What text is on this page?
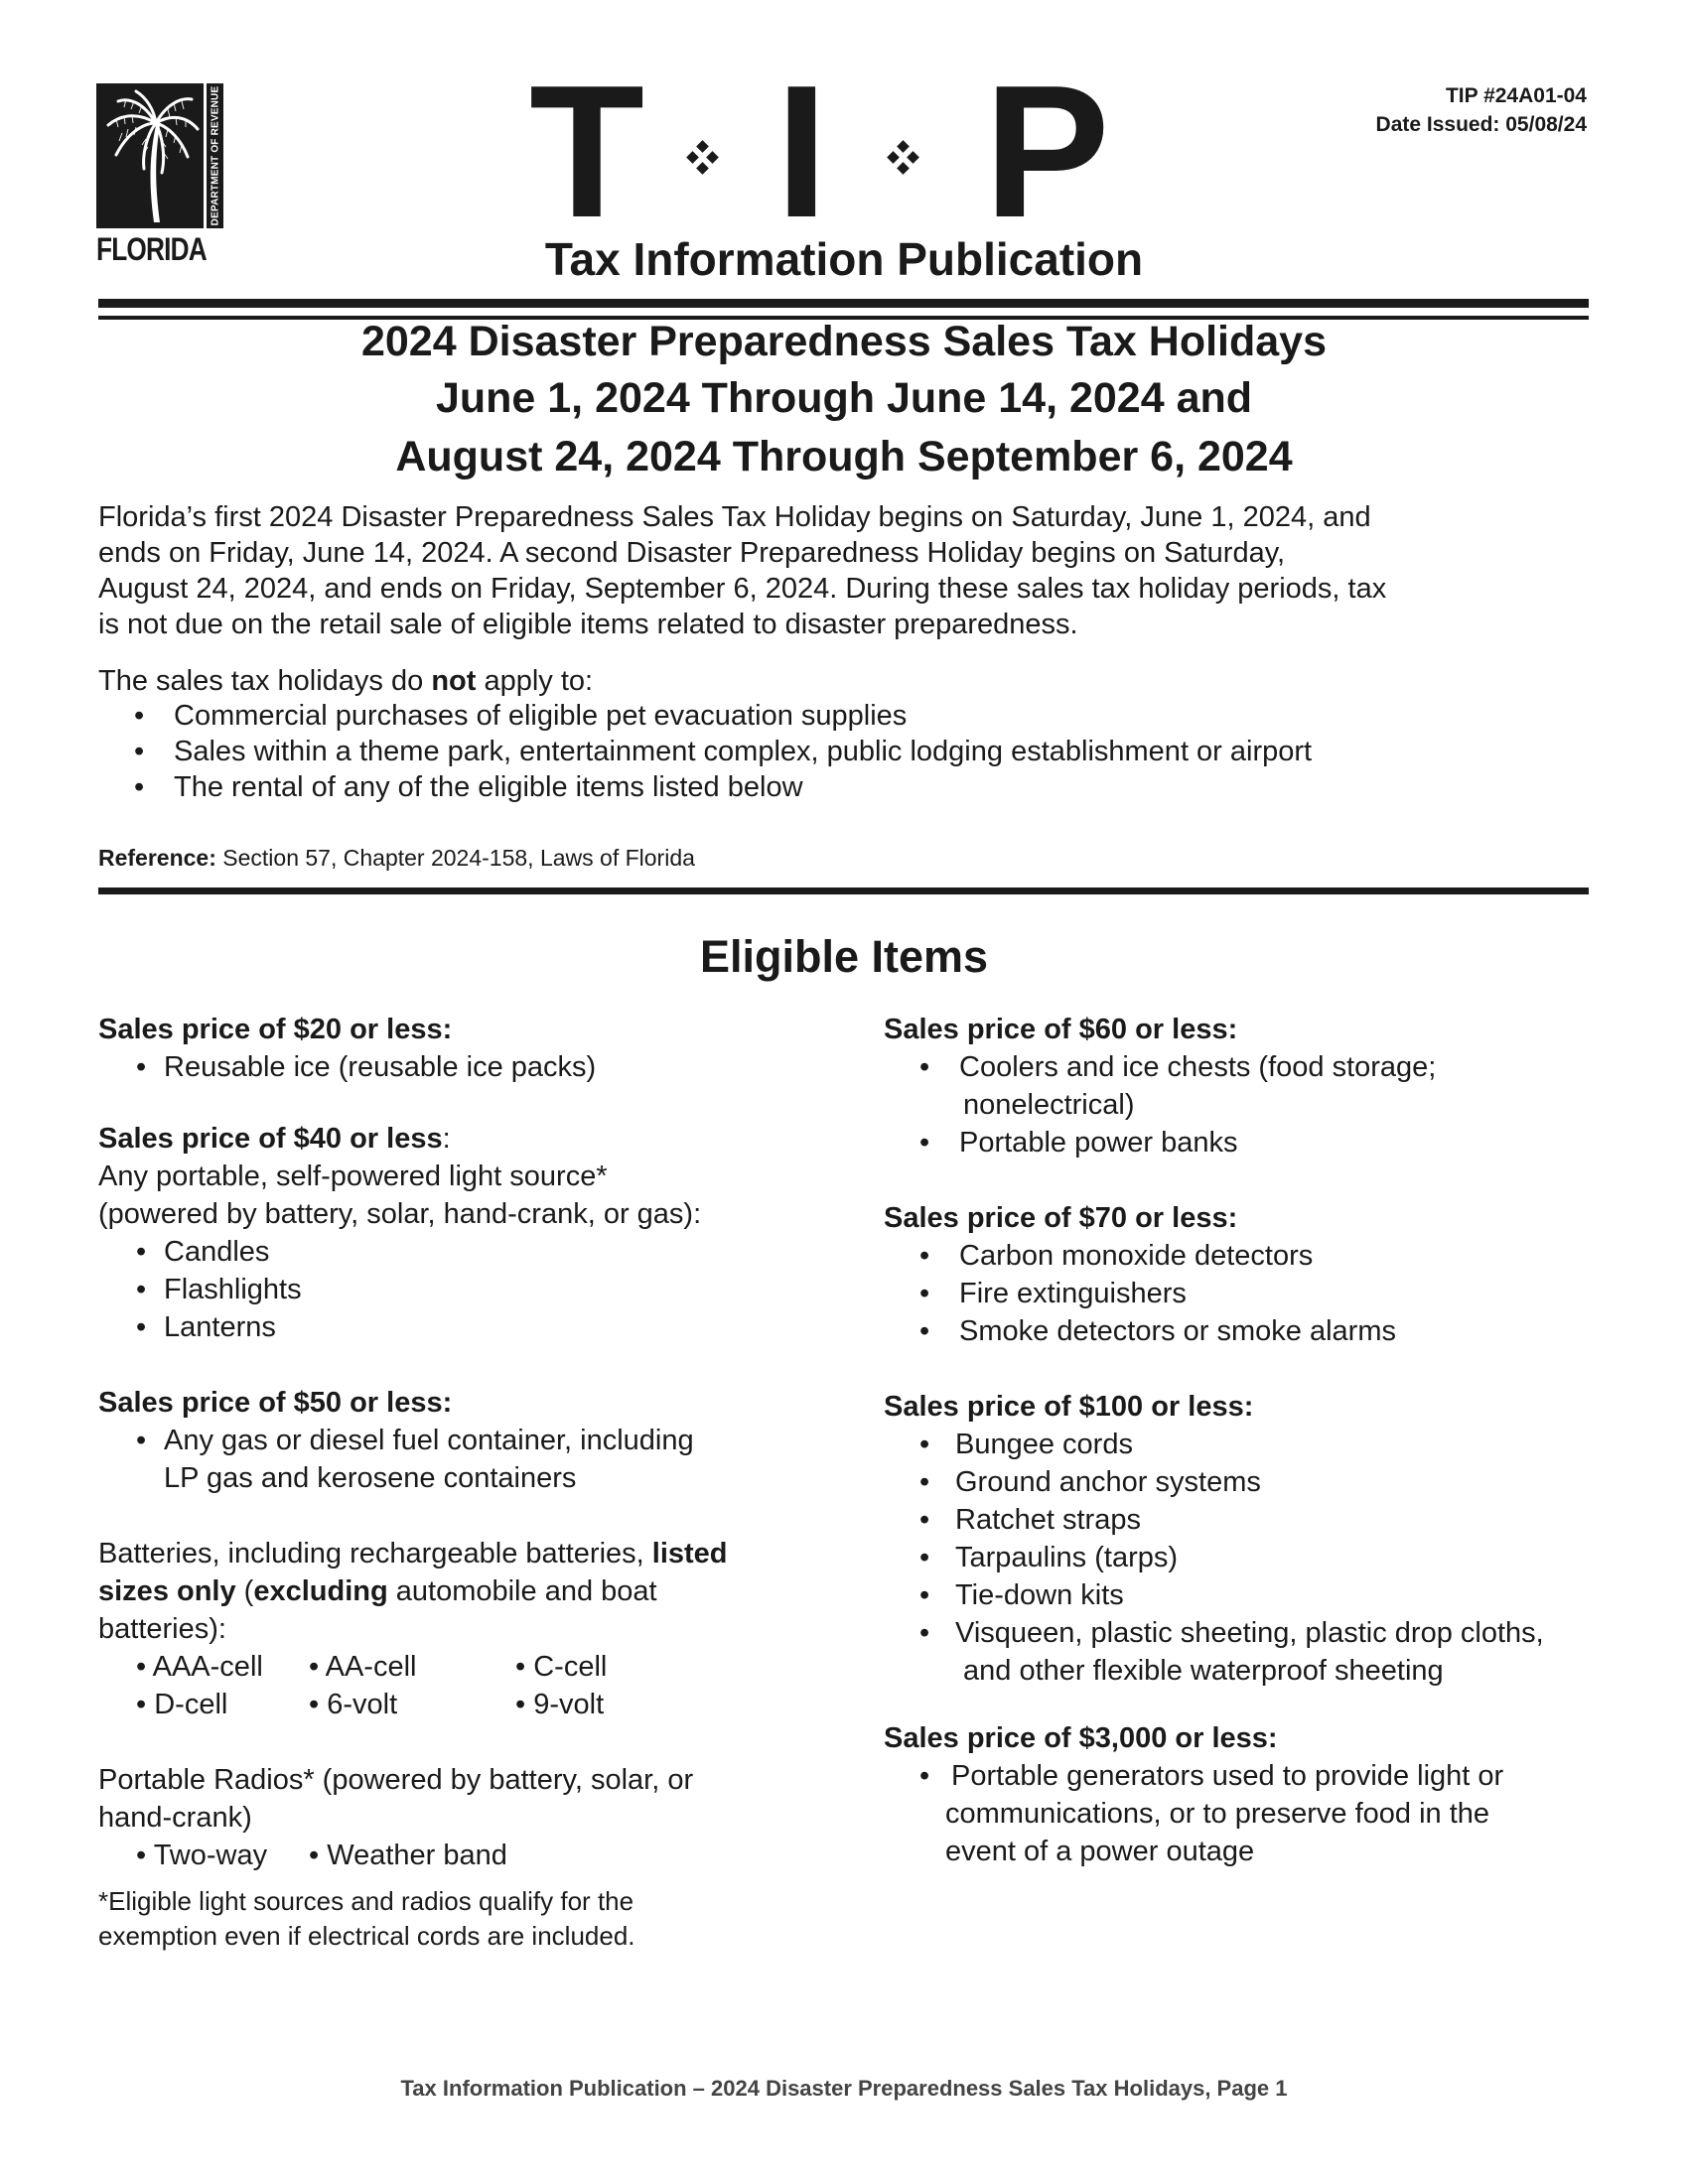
DEPARTMENT OF REVENUE
FLORIDA T I P
Tax Information Publication
TIP #24A01-04
Date Issued: 05/08/24
2024 Disaster Preparedness Sales Tax Holidays
June 1, 2024 Through June 14, 2024 and
August 24, 2024 Through September 6, 2024
Florida’s first 2024 Disaster Preparedness Sales Tax Holiday begins on Saturday, June 1, 2024, and
ends on Friday, June 14, 2024. A second Disaster Preparedness Holiday begins on Saturday,
August 24, 2024, and ends on Friday, September 6, 2024. During these sales tax holiday periods, tax
is not due on the retail sale of eligible items related to disaster preparedness.
The sales tax holidays do not apply to:
• Commercial purchases of eligible pet evacuation supplies
• Sales within a theme park, entertainment complex, public lodging establishment or airport
• The rental of any of the eligible items listed below
Reference: Section 57, Chapter 2024-158, Laws of Florida
Eligible Items
Sales price of $20 or less:
• Reusable ice (reusable ice packs)
Sales price of $40 or less:
Any portable, self-powered light source*
(powered by battery, solar, hand-crank, or gas):
• Candles
• Flashlights
• Lanterns
Sales price of $50 or less:
• Any gas or diesel fuel container, including
LP gas and kerosene containers
Batteries, including rechargeable batteries, listed
sizes only (excluding automobile and boat
batteries):
• AAA-cell • AA-cell	• C-cell
• D-cell	• 6-volt	• 9-volt
Portable Radios* (powered by battery, solar, or
hand-crank)
• Two-way • Weather band
*Eligible light sources and radios qualify for the
exemption even if electrical cords are included.
Sales price of $60 or less:
• Coolers and ice chests (food storage;
nonelectrical)
• Portable power banks
Sales price of $70 or less:
• Carbon monoxide detectors
• Fire extinguishers
• Smoke detectors or smoke alarms
Sales price of $100 or less:
• Bungee cords
• Ground anchor systems
• Ratchet straps
• Tarpaulins (tarps)
• Tie-down kits
• Visqueen, plastic sheeting, plastic drop cloths,
and other flexible waterproof sheeting
Sales price of $3,000 or less:
• Portable generators used to provide light or
communications, or to preserve food in the
event of a power outage
Tax Information Publication – 2024 Disaster Preparedness Sales Tax Holidays, Page 1
